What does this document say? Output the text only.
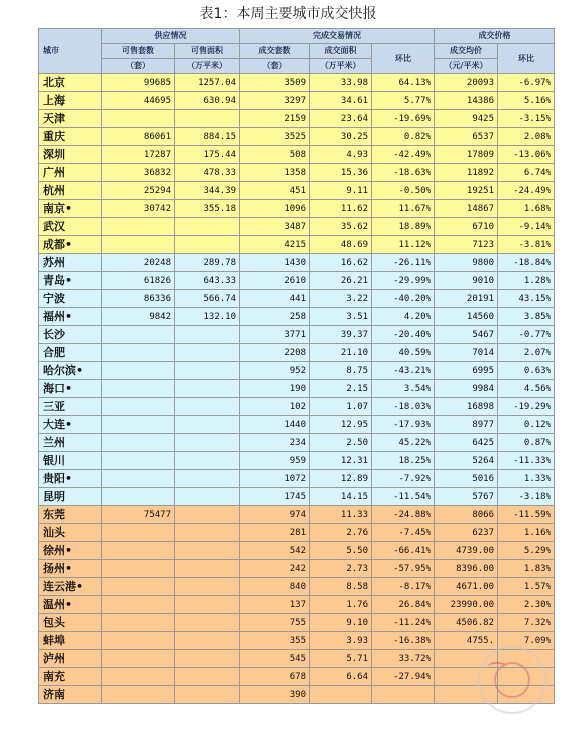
表1：本周主要城市成交快报
城市	供应情况		完成交易情况			成交价格	
	可售套数	可售面积	成交套数	成交面积	环比	成交均价	环比
	（套）	（万平米）	（套）	（万平米）		（元/平米）	
北京	99685	1257.04	3509	33.98	64.13%	20093	-6.97%
上海	44695	630.94	3297	34.61	5.77%	14386	5.16%
天津			2159	23.64	-19.69%	9425	-3.15%
重庆	86061	884.15	3525	30.25	0.82%	6537	2.08%
深圳	17287	175.44	508	4.93	-42.49%	17809	-13.06%
广州	36832	478.33	1358	15.36	-18.63%	11892	6.74%
杭州	25294	344.39	451	9.11	-0.50%	19251	-24.49%
南京•	30742	355.18	1096	11.62	11.67%	14867	1.68%
武汉			3487	35.62	18.89%	6710	-9.14%
成都•			4215	48.69	11.12%	7123	-3.81%
苏州	20248	289.78	1430	16.62	-26.11%	9800	-18.84%
青岛•	61826	643.33	2610	26.21	-29.99%	9010	1.28%
宁波	86336	566.74	441	3.22	-40.20%	20191	43.15%
福州•	9842	132.10	258	3.51	4.20%	14560	3.85%
长沙			3771	39.37	-20.40%	5467	-0.77%
合肥			2208	21.10	40.59%	7014	2.07%
哈尔滨•			952	8.75	-43.21%	6995	0.63%
海口•			190	2.15	3.54%	9984	4.56%
三亚			102	1.07	-18.03%	16898	-19.29%
大连•			1440	12.95	-17.93%	8977	0.12%
兰州			234	2.50	45.22%	6425	0.87%
银川			959	12.31	18.25%	5264	-11.33%
贵阳•			1072	12.89	-7.92%	5016	1.33%
昆明			1745	14.15	-11.54%	5767	-3.18%
东莞	75477		974	11.33	-24.88%	8066	-11.59%
汕头			281	2.76	-7.45%	6237	1.16%
徐州•			542	5.50	-66.41%	4739.00	5.29%
扬州•			242	2.73	-57.95%	8396.00	1.83%
连云港•			840	8.58	-8.17%	4671.00	1.57%
温州•			137	1.76	26.84%	23990.00	2.30%
包头			755	9.10	-11.24%	4506.82	7.32%
蚌埠			355	3.93	-16.38%	4755.	7.09%
泸州			545	5.71	33.72%		
南充			678	6.64	-27.94%		
济南			390				
